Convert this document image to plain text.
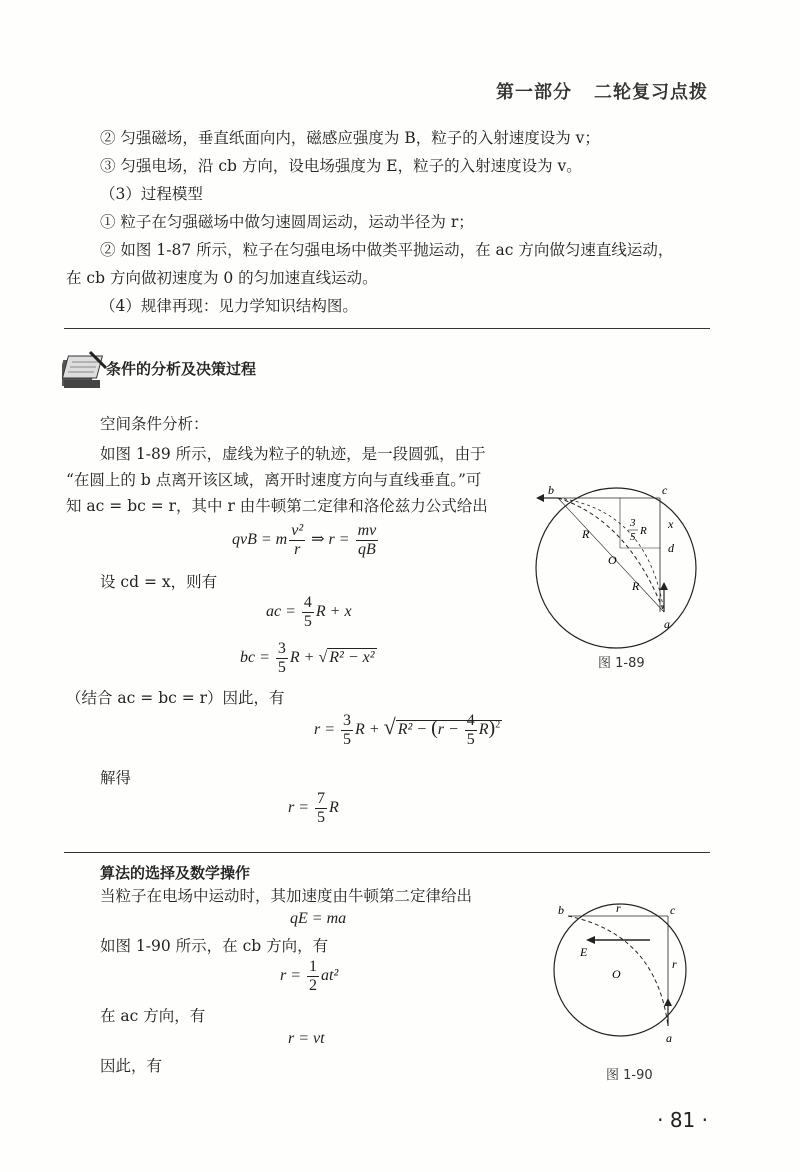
第一部分 二轮复习点拨
② 匀强磁场，垂直纸面向内，磁感应强度为 B，粒子的入射速度设为 v；
③ 匀强电场，沿 cb 方向，设电场强度为 E，粒子的入射速度设为 v。
（3）过程模型
① 粒子在匀强磁场中做匀速圆周运动，运动半径为 r；
② 如图 1-87 所示，粒子在匀强电场中做类平抛运动，在 ac 方向做匀速直线运动，
在 cb 方向做初速度为 0 的匀加速直线运动。
（4）规律再现：见力学知识结构图。
条件的分析及决策过程
空间条件分析：
如图 1-89 所示，虚线为粒子的轨迹，是一段圆弧，由于
“在圆上的 b 点离开该区域，离开时速度方向与直线垂直。”可
知 ac = bc = r，其中 r 由牛顿第二定律和洛伦兹力公式给出
qvB = m $\frac{\text{v²}}{r}$ ⇒ $r = \frac{mv}{qB}$
设 cd = x，则有
ac = $\frac{4}{5}$ R + x
bc = $\frac{3}{5}$ R + √ R² − x²
（结合 ac = bc = r）因此，有
$r = \frac{3}{5}$ R + √ $R^2 - (r - \frac{4}{5} R)^2$
解得
$r = \frac{7}{5}$ R
b	c
d
x
O
a
R
R
3
5 R
图 1-89
算法的选择及数学操作
当粒子在电场中运动时，其加速度由牛顿第二定律给出
qE = ma
如图 1-90 所示，在 cb 方向，有
$r = \frac{1}{2} at^2$
在 ac 方向，有
r = vt
因此，有
b	c
r
r
E
O
a
图 1-90
· 81 ·
